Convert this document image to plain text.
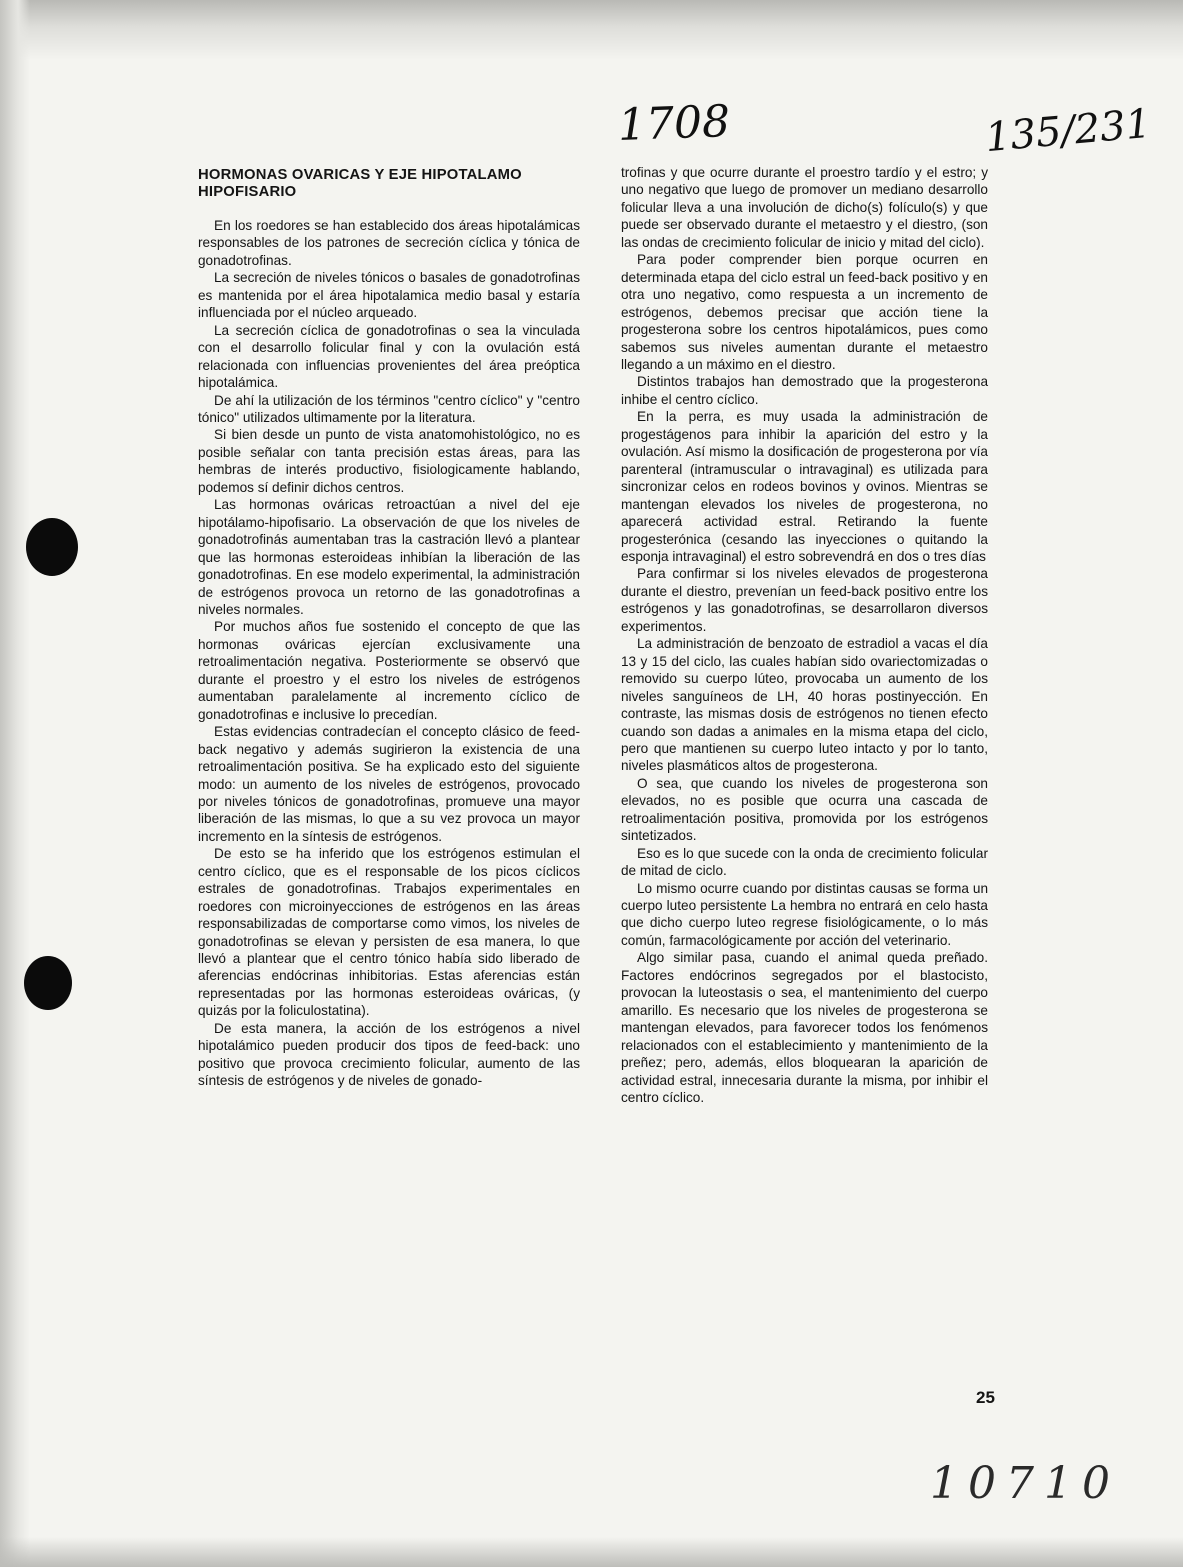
1708	135/231
10710
HORMONAS OVARICAS Y EJE HIPOTALAMO HIPOFISARIO

En los roedores se han establecido dos áreas hipotalámicas responsables de los patrones de secreción cíclica y tónica de gonadotrofinas.

La secreción de niveles tónicos o basales de gonadotrofinas es mantenida por el área hipotalamica medio basal y estaría influenciada por el núcleo arqueado.

La secreción cíclica de gonadotrofinas o sea la vinculada con el desarrollo folicular final y con la ovulación está relacionada con influencias provenientes del área preóptica hipotalámica.

De ahí la utilización de los términos "centro cíclico" y "centro tónico" utilizados ultimamente por la literatura.

Si bien desde un punto de vista anatomohistológico, no es posible señalar con tanta precisión estas áreas, para las hembras de interés productivo, fisiologicamente hablando, podemos sí definir dichos centros.

Las hormonas ováricas retroactúan a nivel del eje hipotálamo-hipofisario. La observación de que los niveles de gonadotrofinás aumentaban tras la castración llevó a plantear que las hormonas esteroideas inhibían la liberación de las gonadotrofinas. En ese modelo experimental, la administración de estrógenos provoca un retorno de las gonadotrofinas a niveles normales.

Por muchos años fue sostenido el concepto de que las hormonas ováricas ejercían exclusivamente una retroalimentación negativa. Posteriormente se observó que durante el proestro y el estro los niveles de estrógenos aumentaban paralelamente al incremento cíclico de gonadotrofinas e inclusive lo precedían.

Estas evidencias contradecían el concepto clásico de feed-back negativo y además sugirieron la existencia de una retroalimentación positiva. Se ha explicado esto del siguiente modo: un aumento de los niveles de estrógenos, provocado por niveles tónicos de gonadotrofinas, promueve una mayor liberación de las mismas, lo que a su vez provoca un mayor incremento en la síntesis de estrógenos.

De esto se ha inferido que los estrógenos estimulan el centro cíclico, que es el responsable de los picos cíclicos estrales de gonadotrofinas. Trabajos experimentales en roedores con microinyecciones de estrógenos en las áreas responsabilizadas de comportarse como vimos, los niveles de gonadotrofinas se elevan y persisten de esa manera, lo que llevó a plantear que el centro tónico había sido liberado de aferencias endócrinas inhibitorias. Estas aferencias están representadas por las hormonas esteroideas ováricas, (y quizás por la foliculostatina).

De esta manera, la acción de los estrógenos a nivel hipotalámico pueden producir dos tipos de feed-back: uno positivo que provoca crecimiento folicular, aumento de las síntesis de estrógenos y de niveles de gonado-

trofinas y que ocurre durante el proestro tardío y el estro; y uno negativo que luego de promover un mediano desarrollo folicular lleva a una involución de dicho(s) folículo(s) y que puede ser observado durante el metaestro y el diestro, (son las ondas de crecimiento folicular de inicio y mitad del ciclo).

Para poder comprender bien porque ocurren en determinada etapa del ciclo estral un feed-back positivo y en otra uno negativo, como respuesta a un incremento de estrógenos, debemos precisar que acción tiene la progesterona sobre los centros hipotalámicos, pues como sabemos sus niveles aumentan durante el metaestro llegando a un máximo en el diestro.

Distintos trabajos han demostrado que la progesterona inhibe el centro cíclico.

En la perra, es muy usada la administración de progestágenos para inhibir la aparición del estro y la ovulación. Así mismo la dosificación de progesterona por vía parenteral (intramuscular o intravaginal) es utilizada para sincronizar celos en rodeos bovinos y ovinos. Mientras se mantengan elevados los niveles de progesterona, no aparecerá actividad estral. Retirando la fuente progesterónica (cesando las inyecciones o quitando la esponja intravaginal) el estro sobrevendrá en dos o tres días

Para confirmar si los niveles elevados de progesterona durante el diestro, prevenían un feed-back positivo entre los estrógenos y las gonadotrofinas, se desarrollaron diversos experimentos.

La administración de benzoato de estradiol a vacas el día 13 y 15 del ciclo, las cuales habían sido ovariectomizadas o removido su cuerpo lúteo, provocaba un aumento de los niveles sanguíneos de LH, 40 horas postinyección. En contraste, las mismas dosis de estrógenos no tienen efecto cuando son dadas a animales en la misma etapa del ciclo, pero que mantienen su cuerpo luteo intacto y por lo tanto, niveles plasmáticos altos de progesterona.

O sea, que cuando los niveles de progesterona son elevados, no es posible que ocurra una cascada de retroalimentación positiva, promovida por los estrógenos sintetizados.

Eso es lo que sucede con la onda de crecimiento folicular de mitad de ciclo.

Lo mismo ocurre cuando por distintas causas se forma un cuerpo luteo persistente La hembra no entrará en celo hasta que dicho cuerpo luteo regrese fisiológicamente, o lo más común, farmacológicamente por acción del veterinario.

Algo similar pasa, cuando el animal queda preñado. Factores endócrinos segregados por el blastocisto, provocan la luteostasis o sea, el mantenimiento del cuerpo amarillo. Es necesario que los niveles de progesterona se mantengan elevados, para favorecer todos los fenómenos relacionados con el establecimiento y mantenimiento de la preñez; pero, además, ellos bloquearan la aparición de actividad estral, innecesaria durante la misma, por inhibir el centro cíclico.

25
